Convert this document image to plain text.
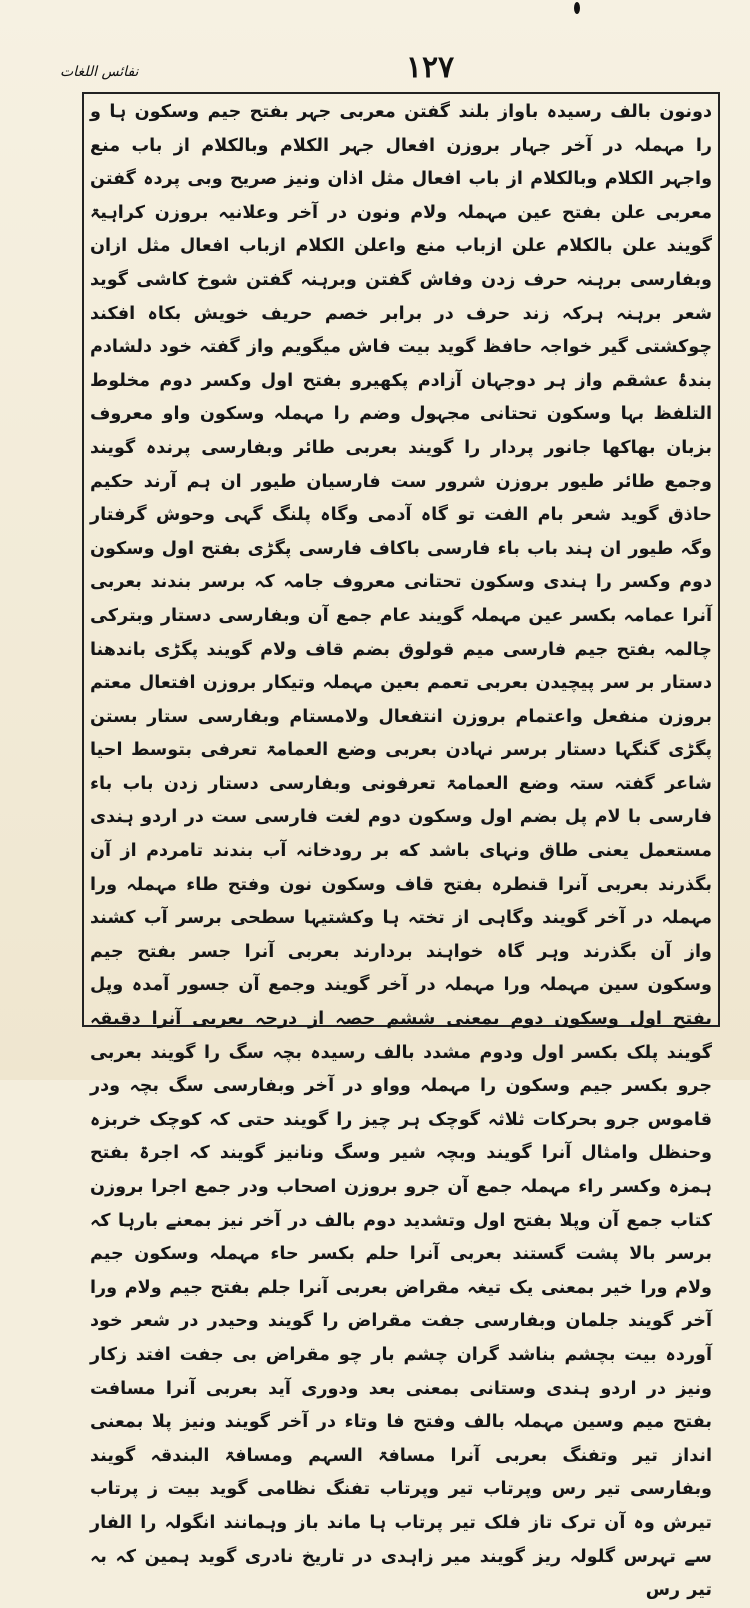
نفائس اللغات	۱۲۷

دونون بالف رسیدہ باواز بلند گفتن معربی جہر بفتح جیم وسکون ہا و را مہملہ در آخر جہار بروزن افعال جہر الکلام وبالکلام از باب منع واجہر الکلام وبالکلام از باب افعال مثل اذان ونیز صریح وبی پردہ گفتن معربی علن بفتح عین مہملہ ولام ونون در آخر وعلانیہ بروزن کراہیۃ گویند علن بالکلام علن ازباب منع واعلن الکلام ازباب افعال مثل ازان وبفارسی برہنہ حرف زدن وفاش گفتن وبرہنہ گفتن شوخ کاشی گوید شعر برہنہ ہرکہ زند حرف در برابر خصم حریف خویش بکاہ افکند چوکشتی گیر خواجہ حافظ گوید بیت فاش میگویم واز گفتہ خود دلشادم بندۂ عشقم واز ہر دوجہان آزادم پکھیرو بفتح اول وکسر دوم مخلوط التلفظ بہا وسکون تحتانی مجہول وضم را مہملہ وسکون واو معروف بزبان بھاکھا جانور پردار را گویند بعربی طائر وبفارسی پرندہ گویند وجمع طائر طیور بروزن شرور ست فارسیان طیور ان ہم آرند حکیم حاذق گوید شعر بام الفت تو گاہ آدمی وگاہ پلنگ گہی وحوش گرفتار وگہ طیور ان ہند باب باء فارسی باکاف فارسی پگڑی بفتح اول وسکون دوم وکسر را ہندی وسکون تحتانی معروف جامہ کہ برسر بندند بعربی آنرا عمامہ بکسر عین مہملہ گویند عام جمع آن وبفارسی دستار وبترکی چالمہ بفتح جیم فارسی میم قولوق بضم قاف ولام گویند پگڑی باندھنا دستار بر سر پیچیدن بعربی تعمم بعین مہملہ وتیکار بروزن افتعال معتم بروزن منفعل واعتمام بروزن انتفعال ولامستام وبفارسی ستار بستن پگڑی گنگہا دستار برسر نہادن بعربی وضع العمامۃ تعرفی بتوسط احیا شاعر گفتہ ستہ وضع العمامۃ تعرفونی وبفارسی دستار زدن باب باء فارسی با لام پل بضم اول وسکون دوم لغت فارسی ست در اردو ہندی مستعمل یعنی طاق ونہای باشد که بر رودخانہ آب بندند تامردم از آن بگذرند بعربی آنرا قنطرہ بفتح قاف وسکون نون وفتح طاء مہملہ ورا مہملہ در آخر گویند وگاہی از تختہ ہا وکشتیہا سطحی برسر آب کشند واز آن بگذرند وہر گاہ خواہند بردارند بعربی آنرا جسر بفتح جیم وسکون سین مہملہ ورا مہملہ در آخر گویند وجمع آن جسور آمدہ وپل بفتح اول وسکون دوم بمعنی ششم حصہ از درجہ بعربی آنرا دقیقہ گویند پلک بکسر اول ودوم مشدد بالف رسیدہ بچہ سگ را گویند بعربی جرو بکسر جیم وسکون را مہملہ وواو در آخر وبفارسی سگ بچہ ودر قاموس جرو بحرکات ثلاثہ گوچک ہر چیز را گویند حتی کہ کوچک خربزہ وحنظل وامثال آنرا گویند وبچہ شیر وسگ ونانیز گویند کہ اجرۃ بفتح ہمزہ وکسر راء مہملہ جمع آن جرو بروزن اصحاب ودر جمع اجرا بروزن کتاب جمع آن وپلا بفتح اول وتشدید دوم بالف در آخر نیز بمعنے بارہا کہ برسر بالا پشت گستند بعربی آنرا حلم بکسر حاء مہملہ وسکون جیم ولام ورا خیر بمعنی یک تیغہ مقراض بعربی آنرا جلم بفتح جیم ولام ورا آخر گویند جلمان وبفارسی جفت مقراض را گویند وحیدر در شعر خود آوردہ بیت بچشم بناشد گران چشم بار چو مقراض بی جفت افتد زکار ونیز در اردو ہندی وستانی بمعنی بعد ودوری آید بعربی آنرا مسافت بفتح میم وسین مہملہ بالف وفتح فا وتاء در آخر گویند ونیز پلا بمعنی انداز تیر وتفنگ بعربی آنرا مسافۃ السہم ومسافۃ البندقہ گویند وبفارسی تیر رس وپرتاب تیر وپرتاب تفنگ نظامی گوید بیت ز پرتاب تیرش وہ آن ترک تاز فلک تیر پرتاب ہا ماند باز وہمانند انگولہ را الفار سے تہرس گلولہ ریز گویند میر زاہدی در تاریخ نادری گوید ہمین کہ بہ تیر رس
